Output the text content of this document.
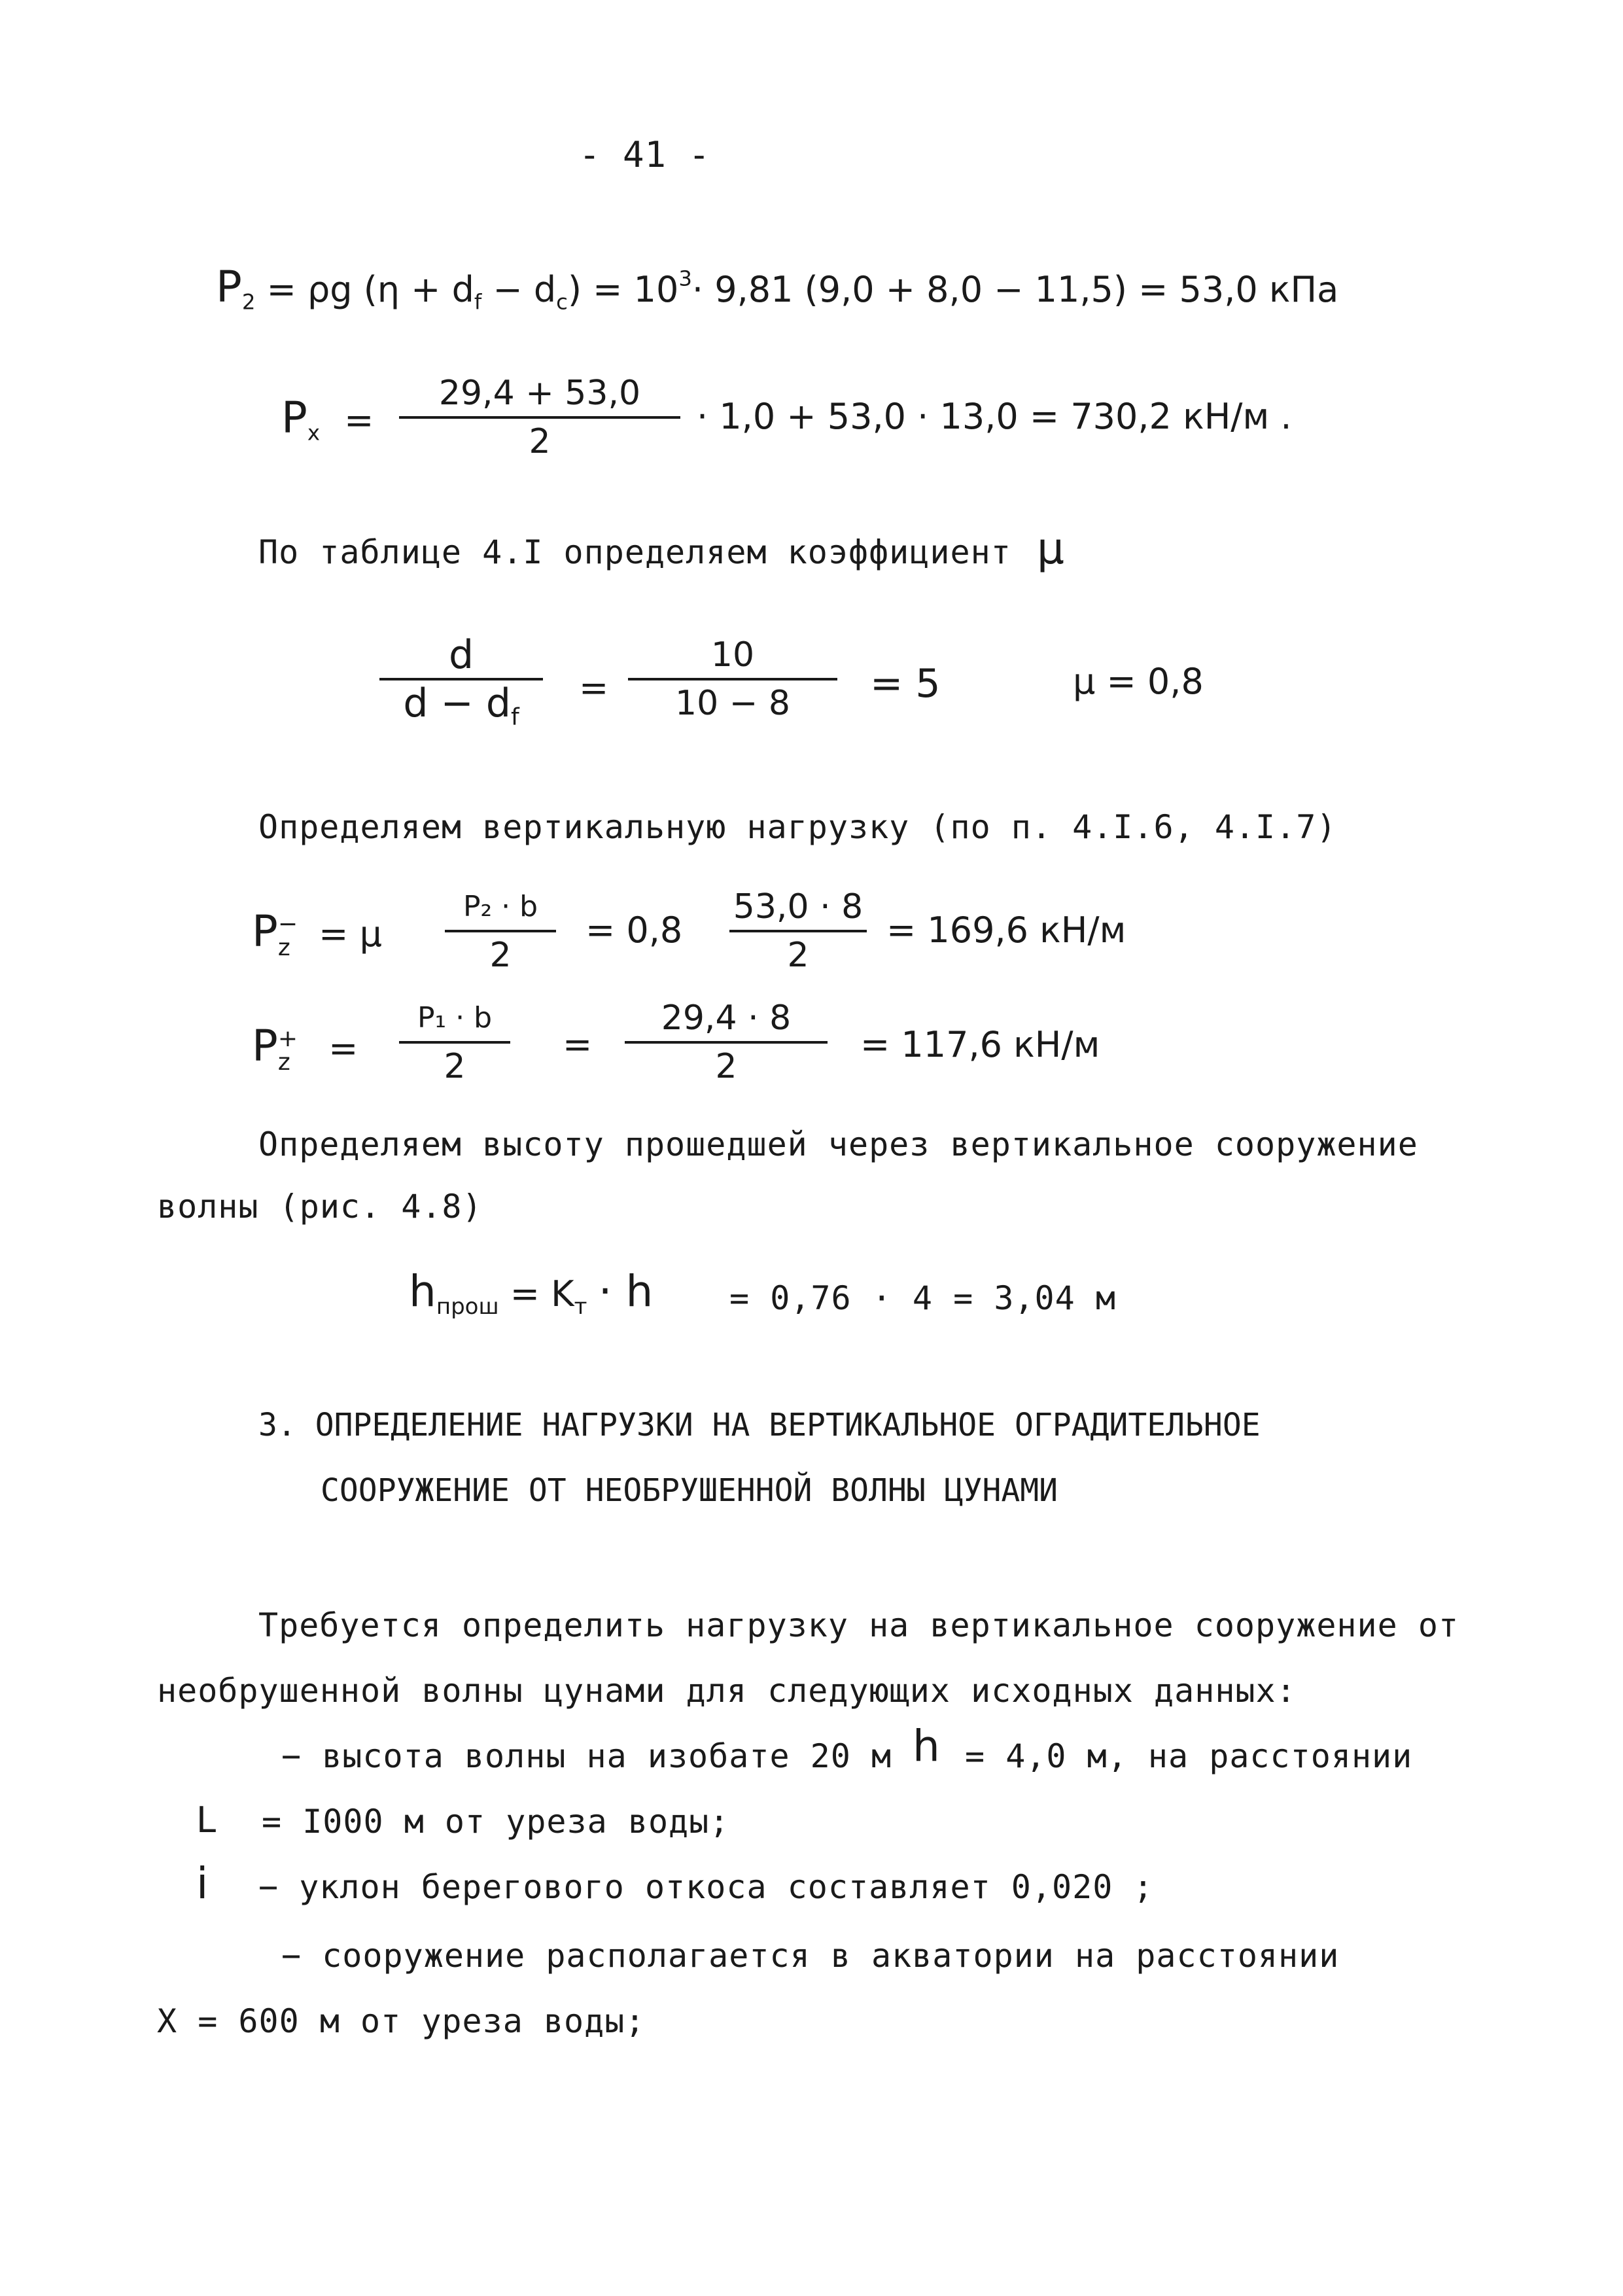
- 41 -
$P_2 = \rho g$ $(\eta + d_f - d_c) = 10^3\cdot 9,81$ (9,0 + 8,0 − 11,5) = 53,0 кПа
$P_x$ =
29,4 + 53,0
2
· 1,0 + 53,0 · 13,0 = 730,2 кН/м .
По таблице 4.I определяем коэффициент μ
d
$d - d_f$
=
10
10 − 8 = 5	μ = 0,8
Определяем вертикальную нагрузку (по п. 4.I.6, 4.I.7)
P −
z = μ
P₂ · b
2
= 0,8
53,0 · 8
2
= 169,6 кН/м
P +
z =
P₁ · b
2
=
29,4 · 8
2
= 117,6 кН/м
Определяем высоту прошедшей через вертикальное сооружение
волны (рис. 4.8)
$h_{прош} = K_т \cdot h = 0,76 \cdot 4 = 3,04$ м
3. ОПРЕДЕЛЕНИЕ НАГРУЗКИ НА ВЕРТИКАЛЬНОЕ ОГРАДИТЕЛЬНОЕ
СООРУЖЕНИЕ ОТ НЕОБРУШЕННОЙ ВОЛНЫ ЦУНАМИ
Требуется определить нагрузку на вертикальное сооружение от
необрушенной волны цунами для следующих исходных данных:
− высота волны на изобате 20 м h = 4,0 м, на расстоянии
L = I000 м от уреза воды;
i − уклон берегового откоса составляет 0,020 ;
− сооружение располагается в акватории на расстоянии
X = 600 м от уреза воды;
